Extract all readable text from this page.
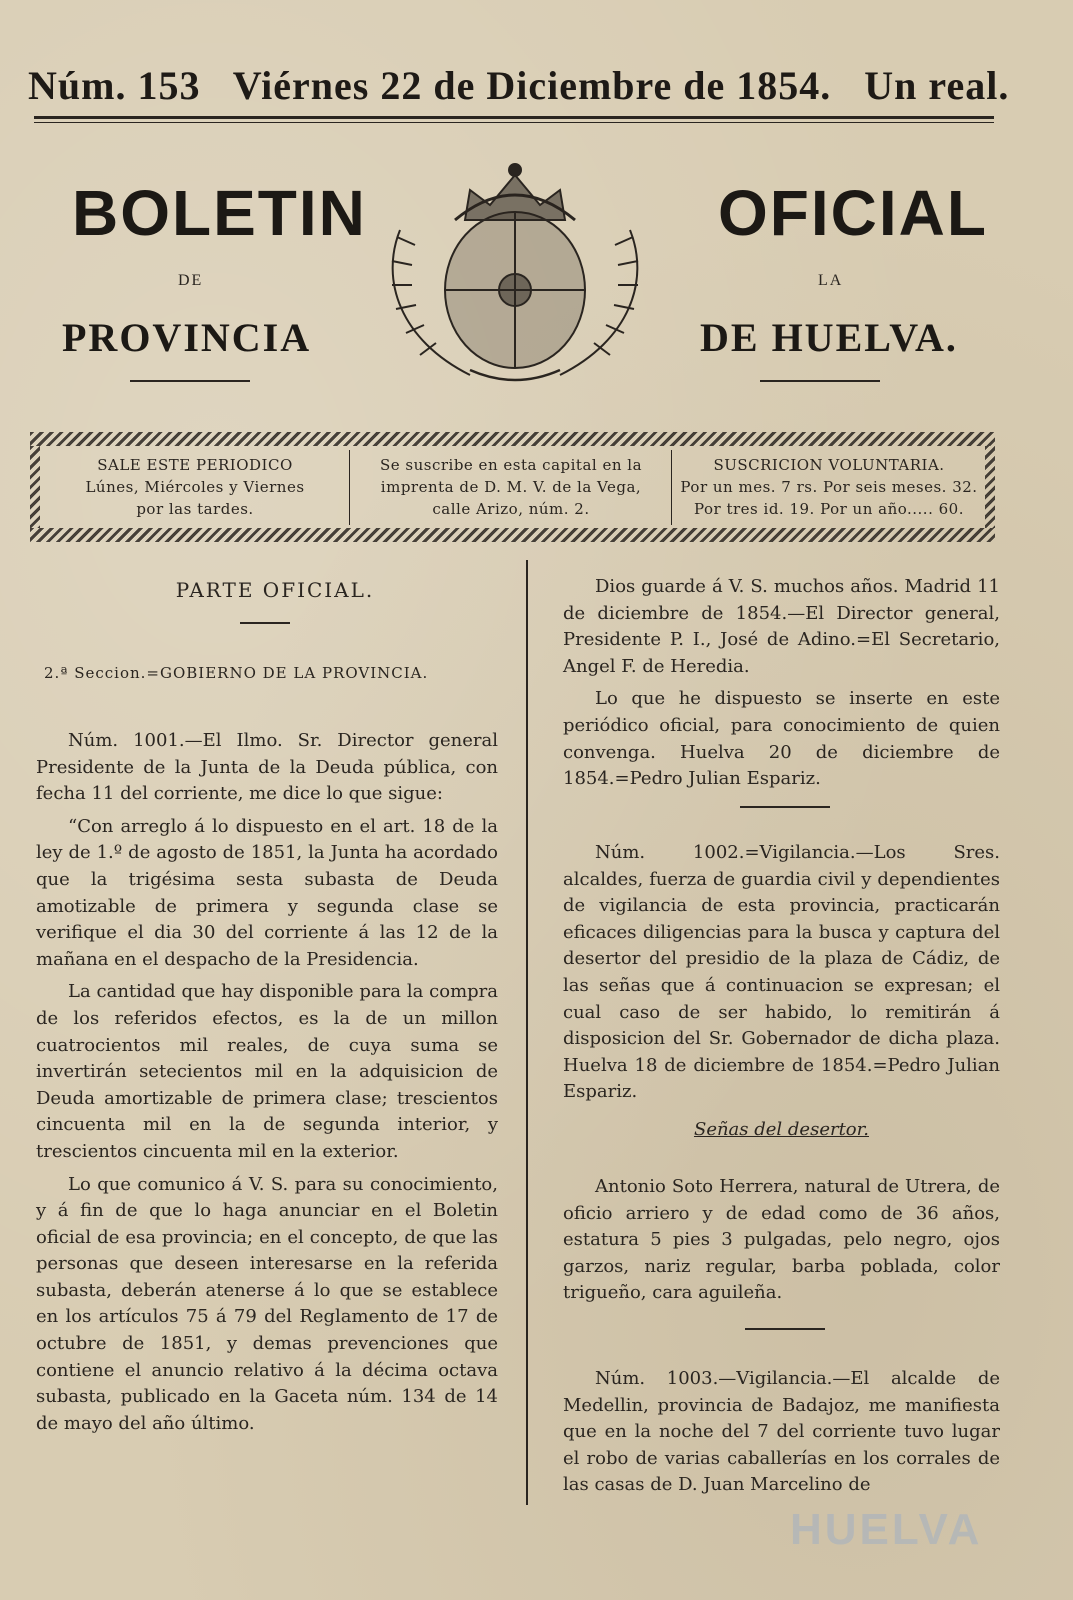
Núm. 153 Viérnes 22 de Diciembre de 1854. Un real.
BOLETIN	OFICIAL
DE	LA
PROVINCIA	DE HUELVA.
SALE ESTE PERIODICO
Lúnes, Miércoles y Viernes
por las tardes.
Se suscribe en esta capital en la
imprenta de D. M. V. de la Vega,
calle Arizo, núm. 2.
SUSCRICION VOLUNTARIA.
Por un mes. 7 rs. Por seis meses. 32.
Por tres id. 19. Por un año..... 60.
PARTE OFICIAL.
2.ª Seccion.=GOBIERNO DE LA PROVINCIA.

Núm. 1001.—El Ilmo. Sr. Director general Presidente de la Junta de la Deuda pública, con fecha 11 del corriente, me dice lo que sigue:

“Con arreglo á lo dispuesto en el art. 18 de la ley de 1.º de agosto de 1851, la Junta ha acordado que la trigésima sesta subasta de Deuda amotizable de primera y segunda clase se verifique el dia 30 del corriente á las 12 de la mañana en el despacho de la Presidencia.

La cantidad que hay disponible para la compra de los referidos efectos, es la de un millon cuatrocientos mil reales, de cuya suma se invertirán setecientos mil en la adquisicion de Deuda amortizable de primera clase; trescientos cincuenta mil en la de segunda interior, y trescientos cincuenta mil en la exterior.

Lo que comunico á V. S. para su conocimiento, y á fin de que lo haga anunciar en el Boletin oficial de esa provincia; en el concepto, de que las personas que deseen interesarse en la referida subasta, deberán atenerse á lo que se establece en los artículos 75 á 79 del Reglamento de 17 de octubre de 1851, y demas prevenciones que contiene el anuncio relativo á la décima octava subasta, publicado en la Gaceta núm. 134 de 14 de mayo del año último.

Dios guarde á V. S. muchos años. Madrid 11 de diciembre de 1854.—El Director general, Presidente P. I., José de Adino.=El Secretario, Angel F. de Heredia.

Lo que he dispuesto se inserte en este periódico oficial, para conocimiento de quien convenga. Huelva 20 de diciembre de 1854.=Pedro Julian Espariz.

Núm. 1002.=Vigilancia.—Los Sres. alcaldes, fuerza de guardia civil y dependientes de vigilancia de esta provincia, practicarán eficaces diligencias para la busca y captura del desertor del presidio de la plaza de Cádiz, de las señas que á continuacion se expresan; el cual caso de ser habido, lo remitirán á disposicion del Sr. Gobernador de dicha plaza. Huelva 18 de diciembre de 1854.=Pedro Julian Espariz.

Señas del desertor.

Antonio Soto Herrera, natural de Utrera, de oficio arriero y de edad como de 36 años, estatura 5 pies 3 pulgadas, pelo negro, ojos garzos, nariz regular, barba poblada, color trigueño, cara aguileña.

Núm. 1003.—Vigilancia.—El alcalde de Medellin, provincia de Badajoz, me manifiesta que en la noche del 7 del corriente tuvo lugar el robo de varias caballerías en los corrales de las casas de D. Juan Marcelino de

HUELVA
